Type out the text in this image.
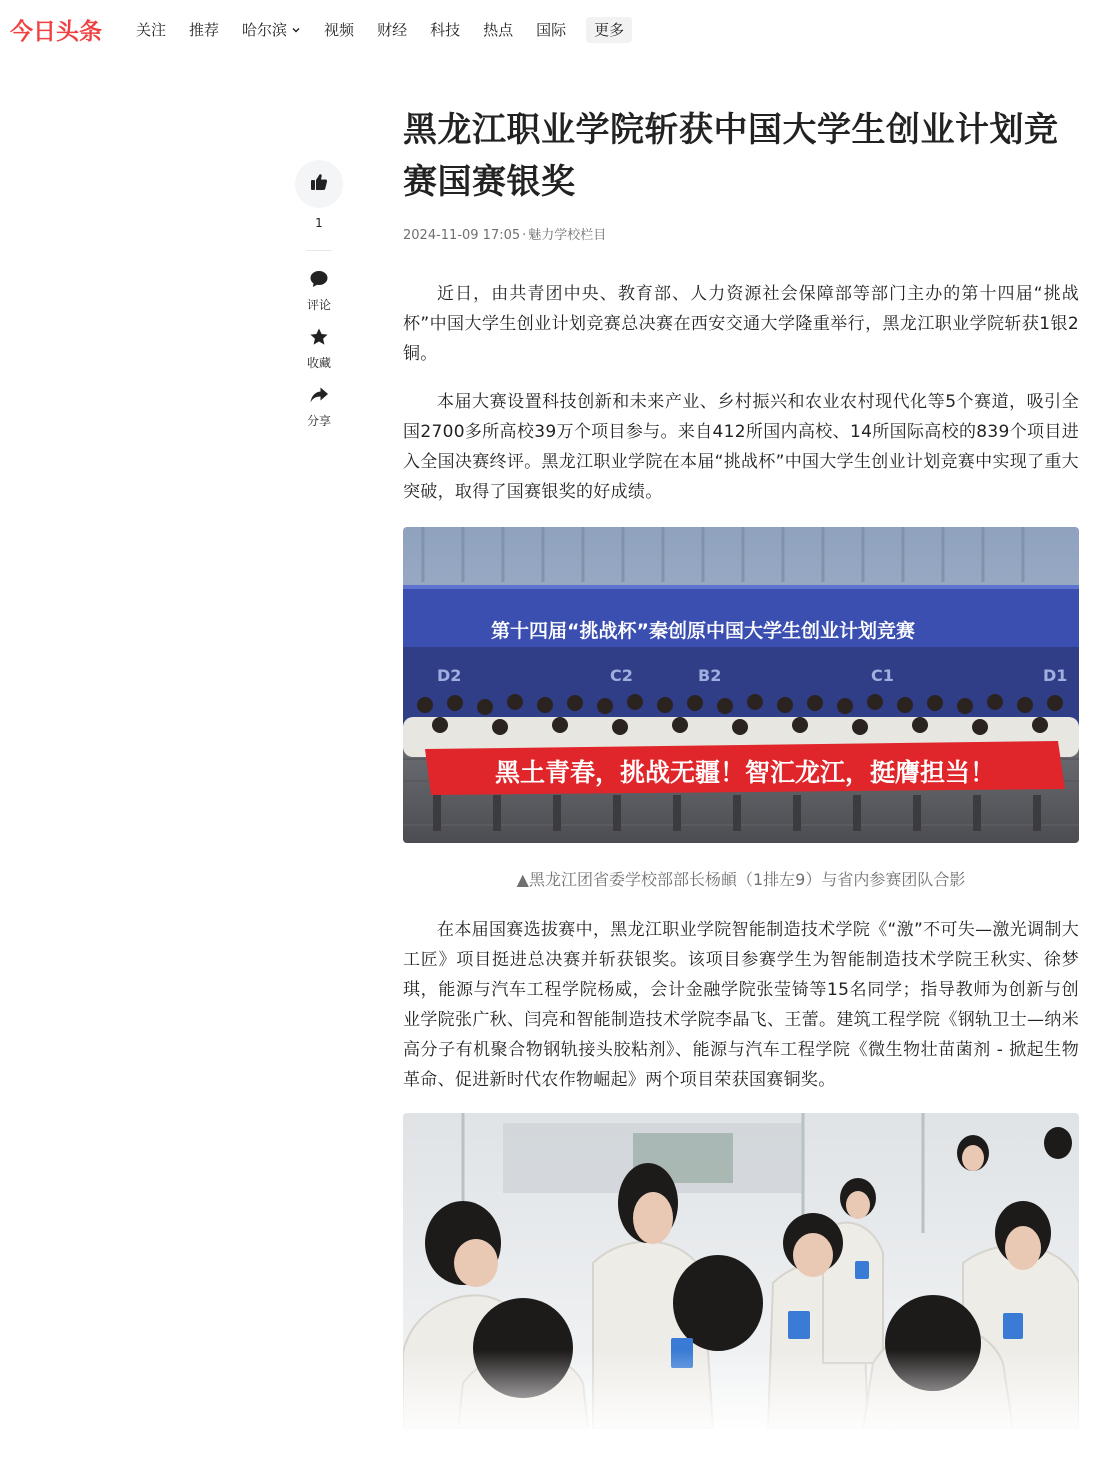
今日头条 关注 推荐 哈尔滨	视频 财经 科技 热点 国际	更多
1
评论
收藏
分享
黑龙江职业学院斩获中国大学生创业计划竞赛国赛银奖
2024-11-09 17:05 · 魅力学校栏目

近日，由共青团中央、教育部、人力资源社会保障部等部门主办的第十四届“挑战杯”中国大学生创业计划竞赛总决赛在西安交通大学隆重举行，黑龙江职业学院斩获1银2铜。

本届大赛设置科技创新和未来产业、乡村振兴和农业农村现代化等5个赛道，吸引全国2700多所高校39万个项目参与。来自412所国内高校、14所国际高校的839个项目进入全国决赛终评。黑龙江职业学院在本届“挑战杯”中国大学生创业计划竞赛中实现了重大突破，取得了国赛银奖的好成绩。

第十四届“挑战杯”秦创原中国大学生创业计划竞赛
D2	C2	B2	C1	D1
黑土青春，挑战无疆！智汇龙江，挺膺担当！
▲黑龙江团省委学校部部长杨頔（1排左9）与省内参赛团队合影

在本届国赛选拔赛中，黑龙江职业学院智能制造技术学院《“激”不可失—激光调制大工匠》项目挺进总决赛并斩获银奖。该项目参赛学生为智能制造技术学院王秋实、徐梦琪，能源与汽车工程学院杨威，会计金融学院张莹锜等15名同学；指导教师为创新与创业学院张广秋、闫亮和智能制造技术学院李晶飞、王蕾。建筑工程学院《钢轨卫士—纳米高分子有机聚合物钢轨接头胶粘剂》、能源与汽车工程学院《微生物壮苗菌剂 - 掀起生物革命、促进新时代农作物崛起》两个项目荣获国赛铜奖。
